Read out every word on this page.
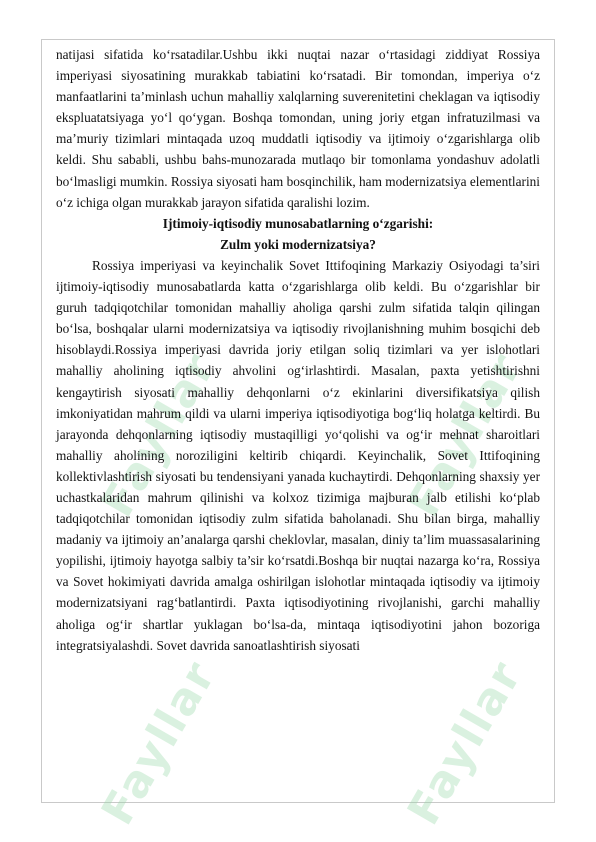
Fayllar	Fayllar
Fayllar	Fayllar

natijasi sifatida ko‘rsatadilar.Ushbu ikki nuqtai nazar o‘rtasidagi ziddiyat Rossiya imperiyasi siyosatining murakkab tabiatini ko‘rsatadi. Bir tomondan, imperiya o‘z manfaatlarini ta’minlash uchun mahalliy xalqlarning suverenitetini cheklagan va iqtisodiy ekspluatatsiyaga yo‘l qo‘ygan. Boshqa tomondan, uning joriy etgan infratuzilmasi va ma’muriy tizimlari mintaqada uzoq muddatli iqtisodiy va ijtimoiy o‘zgarishlarga olib keldi. Shu sababli, ushbu bahs-munozarada mutlaqo bir tomonlama yondashuv adolatli bo‘lmasligi mumkin. Rossiya siyosati ham bosqinchilik, ham modernizatsiya elementlarini o‘z ichiga olgan murakkab jarayon sifatida qaralishi lozim.

Ijtimoiy-iqtisodiy munosabatlarning o‘zgarishi:

Zulm yoki modernizatsiya?

Rossiya imperiyasi va keyinchalik Sovet Ittifoqining Markaziy Osiyodagi ta’siri ijtimoiy-iqtisodiy munosabatlarda katta o‘zgarishlarga olib keldi. Bu o‘zgarishlar bir guruh tadqiqotchilar tomonidan mahalliy aholiga qarshi zulm sifatida talqin qilingan bo‘lsa, boshqalar ularni modernizatsiya va iqtisodiy rivojlanishning muhim bosqichi deb hisoblaydi.Rossiya imperiyasi davrida joriy etilgan soliq tizimlari va yer islohotlari mahalliy aholining iqtisodiy ahvolini og‘irlashtirdi. Masalan, paxta yetishtirishni kengaytirish siyosati mahalliy dehqonlarni o‘z ekinlarini diversifikatsiya qilish imkoniyatidan mahrum qildi va ularni imperiya iqtisodiyotiga bog‘liq holatga keltirdi. Bu jarayonda dehqonlarning iqtisodiy mustaqilligi yo‘qolishi va og‘ir mehnat sharoitlari mahalliy aholining noroziligini keltirib chiqardi. Keyinchalik, Sovet Ittifoqining kollektivlashtirish siyosati bu tendensiyani yanada kuchaytirdi. Dehqonlarning shaxsiy yer uchastkalaridan mahrum qilinishi va kolxoz tizimiga majburan jalb etilishi ko‘plab tadqiqotchilar tomonidan iqtisodiy zulm sifatida baholanadi. Shu bilan birga, mahalliy madaniy va ijtimoiy an’analarga qarshi cheklovlar, masalan, diniy ta’lim muassasalarining yopilishi, ijtimoiy hayotga salbiy ta’sir ko‘rsatdi.Boshqa bir nuqtai nazarga ko‘ra, Rossiya va Sovet hokimiyati davrida amalga oshirilgan islohotlar mintaqada iqtisodiy va ijtimoiy modernizatsiyani rag‘batlantirdi. Paxta iqtisodiyotining rivojlanishi, garchi mahalliy aholiga og‘ir shartlar yuklagan bo‘lsa-da, mintaqa iqtisodiyotini jahon bozoriga integratsiyalashdi. Sovet davrida sanoatlashtirish siyosati
